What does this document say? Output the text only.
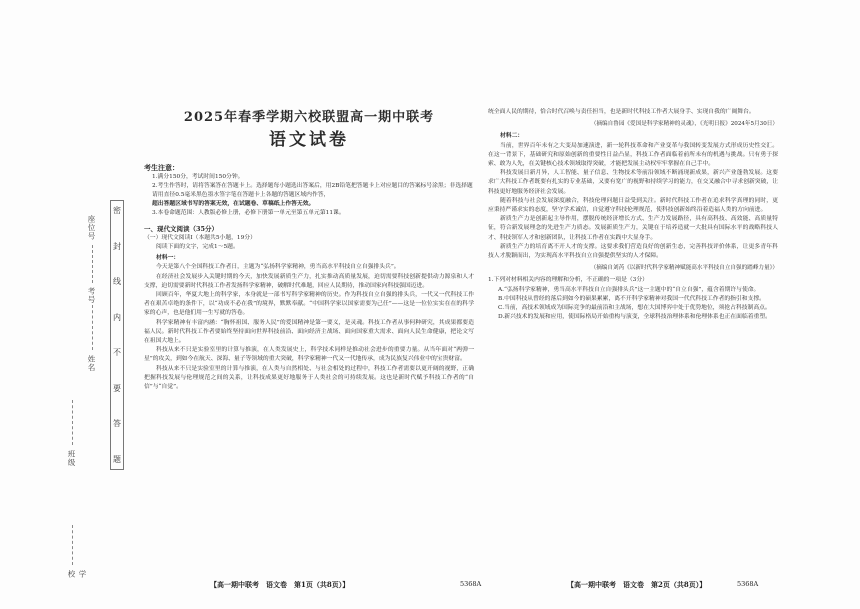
学校
班级
姓名
考号
座位号
密
封
线
内
不
要
答
题
2025年春季学期六校联盟高一期中联考
语文试卷
考生注意：

1.满分150分，考试时间150分钟。

2.考生作答时，请将答案答在答题卡上。选择题每小题选出答案后，用2B铅笔把答题卡上对应题目的答案标号涂黑；非选择题请用直径0.5毫米黑色墨水签字笔在答题卡上各题的答题区域内作答，

超出答题区域书写的答案无效，在试题卷、草稿纸上作答无效。

3.本卷命题范围：人教版必修上册，必修下册第一单元至第五单元第11课。

一、现代文阅读（35分）
（一）现代文阅读Ⅰ（本题共5小题，19分）
阅读下面的文字，完成1～5题。
材料一：

今天是第八个全国科技工作者日，主题为“弘扬科学家精神，勇当高水平科技自立自强排头兵”。

在经济社会发展步入关键时期的今天，加快发展新质生产力，扎实推动高质量发展，迫切需要科技创新提供动力源泉和人才支撑，迫切需要新时代科技工作者发扬科学家精神，破解时代难题，回应人民期待，推动国家向科技强国迈进。

回顾百年，华夏大地上的科学家，本身就是一部书写科学家精神的历史。作为科技自立自强的排头兵，一代又一代科技工作者在艰苦卓绝的条件下，以“功成不必在我”的境界，默默奉献。“中国科学家以国家需要为己任”——这是一位位实实在在的科学家的心声，也是他们用一生写就的答卷。

科学家精神有丰富内涵：“胸怀祖国、服务人民”的爱国精神是第一要义，是灵魂。科技工作者从事何种研究，其成果都要造福人民。新时代科技工作者要始终坚持面向世界科技前沿、面向经济主战场、面向国家重大需求、面向人民生命健康，把论文写在祖国大地上。

科技从来不只是实验室里的计算与推演，在人类发展史上，科学技术同样是推动社会进步的重要力量。从当年面对“两弹一星”的攻关，到如今在航天、深海、量子等领域的重大突破，科学家精神一代又一代地传承，成为民族复兴伟业中的宝贵财富。

科技从来不只是实验室里的计算与推演，在人类与自然相处、与社会相处的过程中，科技工作者需要以更开阔的视野，正确把握科技发展与伦理规范之间的关系，让科技成果更好地服务于人类社会的可持续发展。这也是新时代赋予科技工作者的“自信”与“自觉”。

统全面人民的期待，恰合时代召唤与责任担当，也是新时代科技工作者大展身手、实现自我的广阔舞台。

（摘编自鲁园《爱国是科学家精神的灵魂》，《光明日报》2024年5月30日）
材料二：

当前，世界百年未有之大变局加速演进，新一轮科技革命和产业变革与我国转变发展方式形成历史性交汇。在这一背景下，基础研究和原始创新的重要性日益凸显，科技工作者面临着前所未有的机遇与挑战。只有勇于探索、敢为人先，在关键核心技术领域取得突破，才能把发展主动权牢牢掌握在自己手中。

科技发展日新月异，人工智能、量子信息、生物技术等前沿领域不断涌现新成果，新兴产业蓬勃发展。这要求广大科技工作者既要有扎实的专业基础，又要有宽广的视野和持续学习的能力，在交叉融合中寻求创新突破，让科技更好地服务经济社会发展。

随着科技与社会发展深度融合，科技伦理问题日益受到关注。新时代科技工作者在追求科学真理的同时，更应秉持严谨求实的态度，坚守学术诚信，自觉遵守科技伦理规范，使科技创新始终沿着造福人类的方向前进。

新质生产力是创新起主导作用，摆脱传统经济增长方式、生产力发展路径，具有高科技、高效能、高质量特征，符合新发展理念的先进生产力质态。发展新质生产力，关键在于培养造就一大批具有国际水平的战略科技人才、科技领军人才和创新团队，让科技工作者在实践中大显身手。

新质生产力的培育离不开人才的支撑。这要求我们营造良好的创新生态，完善科技评价体系，让更多青年科技人才脱颖而出，为实现高水平科技自立自强提供坚实的人才保障。

（摘编自刘芮《以新时代科学家精神赋能高水平科技自立自强的踏峰力量》）
1.下列对材料相关内容的理解和分析，不正确的一项是（3分）

A.“弘扬科学家精神，勇当高水平科技自立自强排头兵”这一主题中的“自立自强”，蕴含着期许与使命。

B.中国科技从曾经的落后到如今的硕果累累，离不开科学家精神对我国一代代科技工作者的指引和支撑。

C.当前，高技术领域成为国际竞争的最前沿和主战场，想在大国博弈中处于优势地位，须抢占科技制高点。

D.新兴技术的发展和应用，使国际格局开始重构与演变，全球科技治理体系和伦理体系也正在面临着重塑。

【高一期中联考　语文卷　第1页（共8页）】	5368A	【高一期中联考　语文卷　第2页（共8页）】	5368A
